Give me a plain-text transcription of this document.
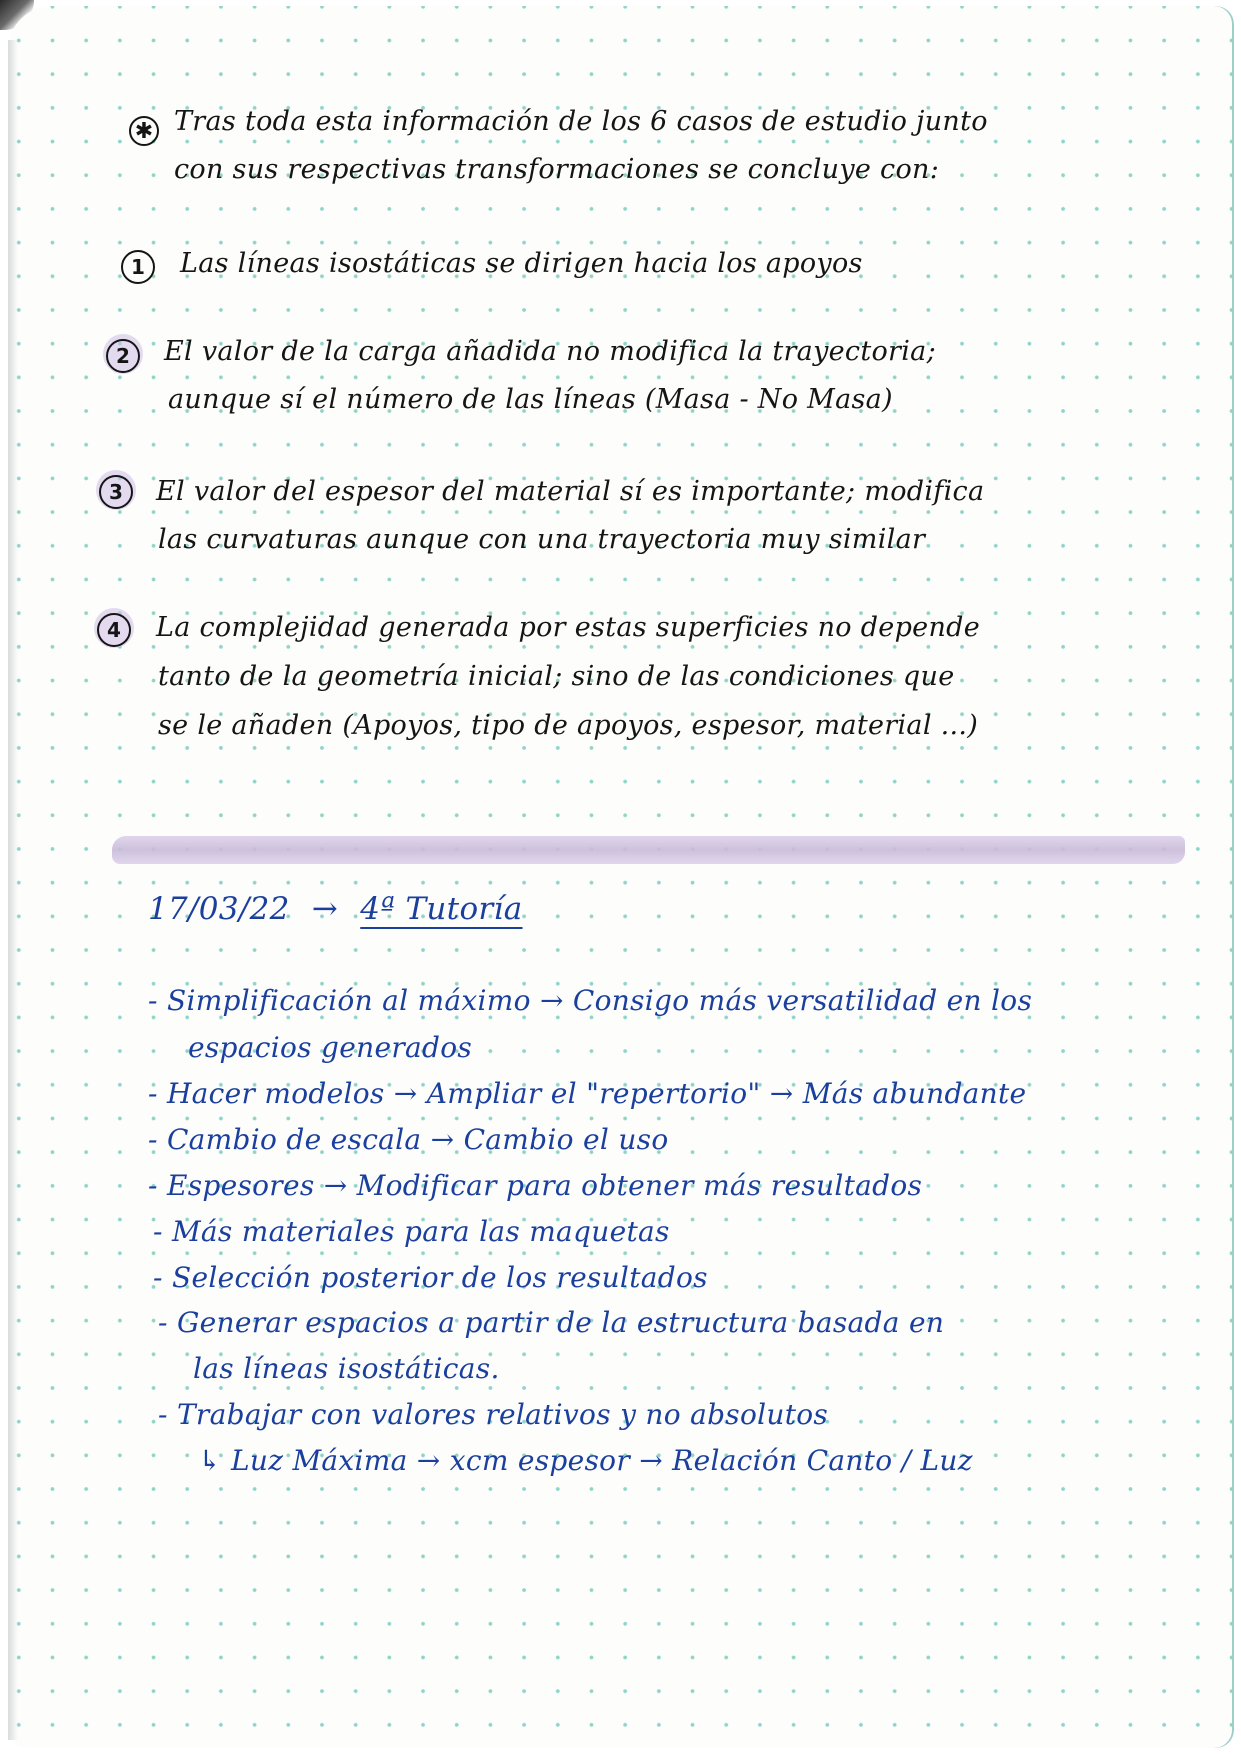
✱ Tras toda esta información de los 6 casos de estudio junto
con sus respectivas transformaciones se concluye con:
1	Las líneas isostáticas se dirigen hacia los apoyos
2	El valor de la carga añadida no modifica la trayectoria;
aunque sí el número de las líneas (Masa - No Masa)
3	El valor del espesor del material sí es importante; modifica
las curvaturas aunque con una trayectoria muy similar
4	La complejidad generada por estas superficies no depende
tanto de la geometría inicial; sino de las condiciones que
se le añaden (Apoyos, tipo de apoyos, espesor, material ...)
17/03/22 → 4ª Tutoría
- Simplificación al máximo → Consigo más versatilidad en los
espacios generados
- Hacer modelos → Ampliar el "repertorio" → Más abundante
- Cambio de escala → Cambio el uso
- Espesores → Modificar para obtener más resultados
- Más materiales para las maquetas
- Selección posterior de los resultados
- Generar espacios a partir de la estructura basada en
las líneas isostáticas.
- Trabajar con valores relativos y no absolutos
↳ Luz Máxima → xcm espesor → Relación Canto / Luz
